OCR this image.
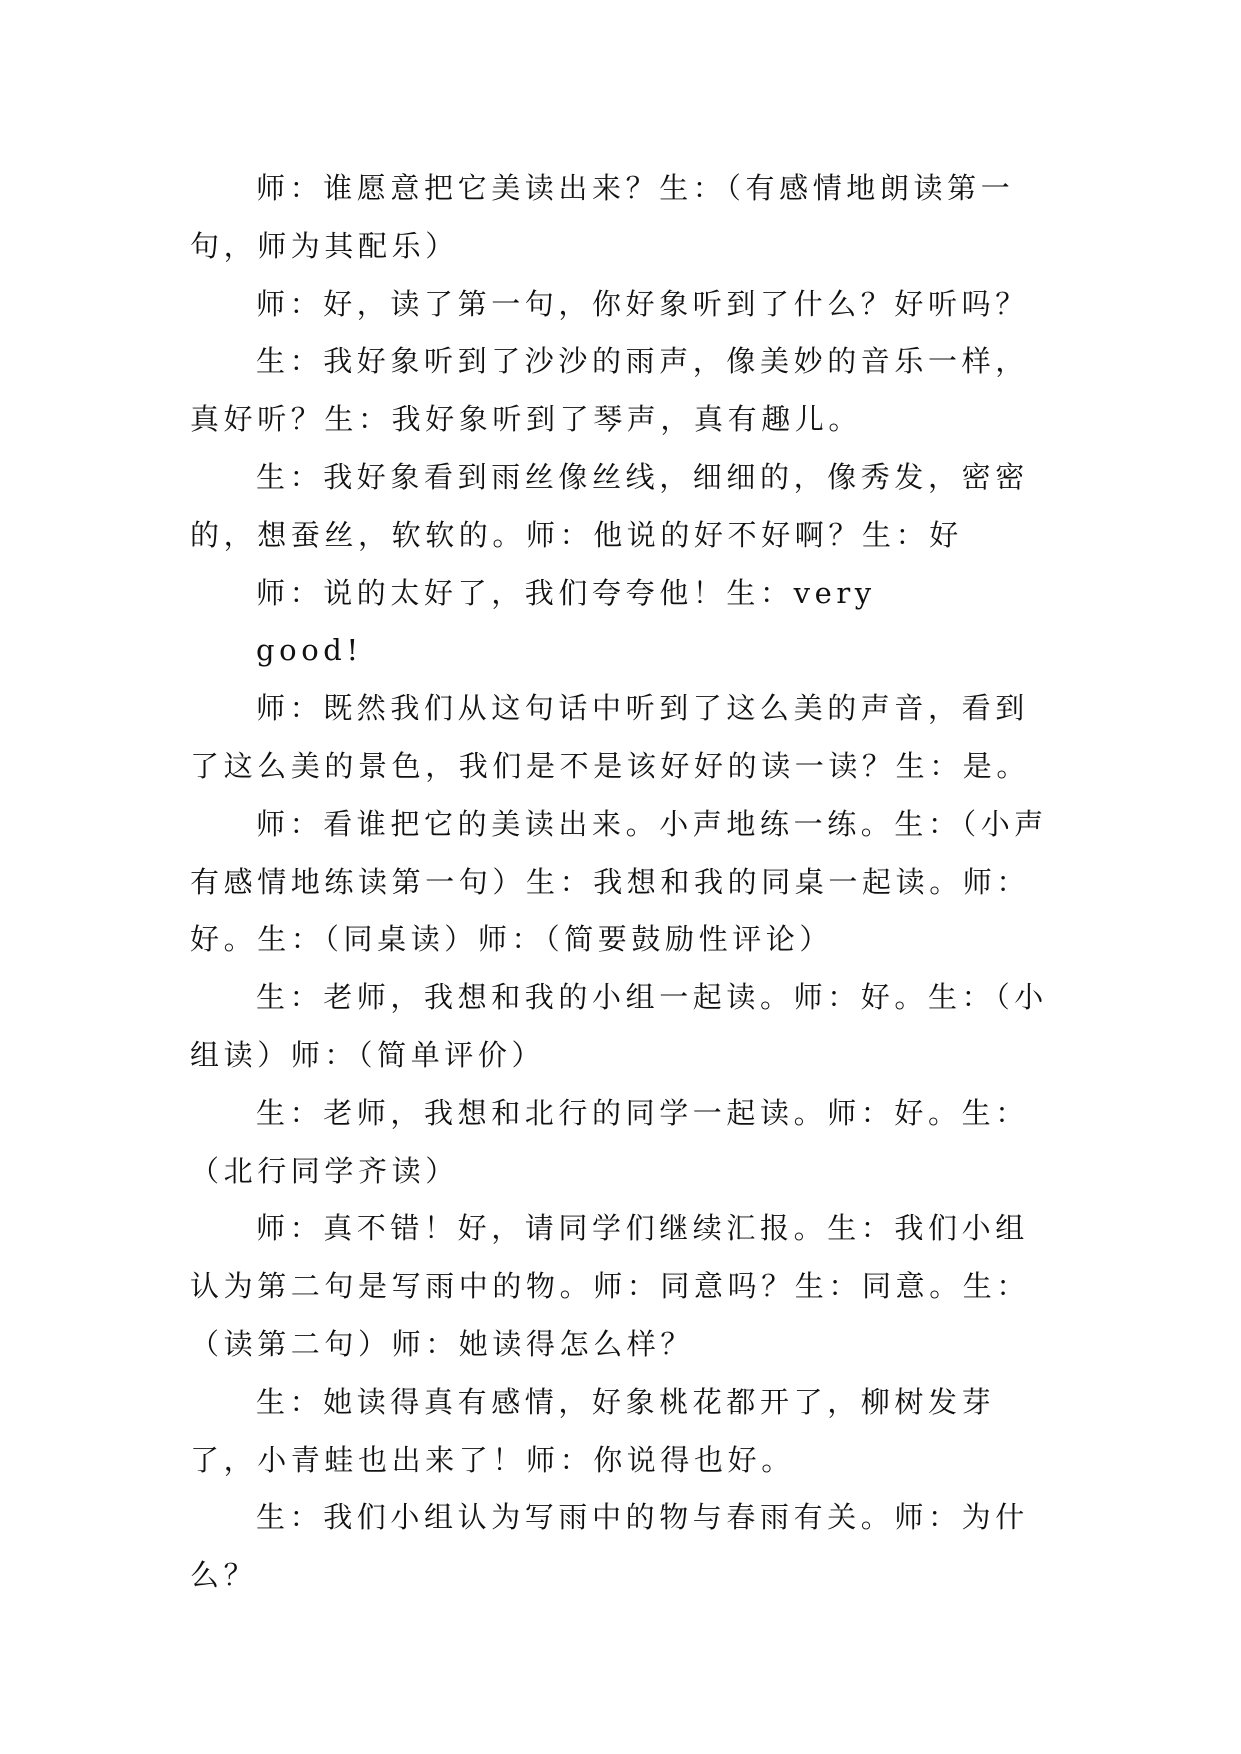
师：谁愿意把它美读出来？生：（有感情地朗读第一句，师为其配乐）

师：好，读了第一句，你好象听到了什么？好听吗？

生：我好象听到了沙沙的雨声，像美妙的音乐一样，真好听？生：我好象听到了琴声，真有趣儿。

生：我好象看到雨丝像丝线，细细的，像秀发，密密的，想蚕丝，软软的。师：他说的好不好啊？生：好

师：说的太好了，我们夸夸他！生：very

good!

师：既然我们从这句话中听到了这么美的声音，看到了这么美的景色，我们是不是该好好的读一读？生：是。

师：看谁把它的美读出来。小声地练一练。生：（小声有感情地练读第一句）生：我想和我的同桌一起读。师：好。生：（同桌读）师：（简要鼓励性评论）

生：老师，我想和我的小组一起读。师：好。生：（小组读）师：（简单评价）

生：老师，我想和北行的同学一起读。师：好。生：（北行同学齐读）

师：真不错！好，请同学们继续汇报。生：我们小组认为第二句是写雨中的物。师：同意吗？生：同意。生：（读第二句）师：她读得怎么样？

生：她读得真有感情，好象桃花都开了，柳树发芽了，小青蛙也出来了！师：你说得也好。

生：我们小组认为写雨中的物与春雨有关。师：为什么？
